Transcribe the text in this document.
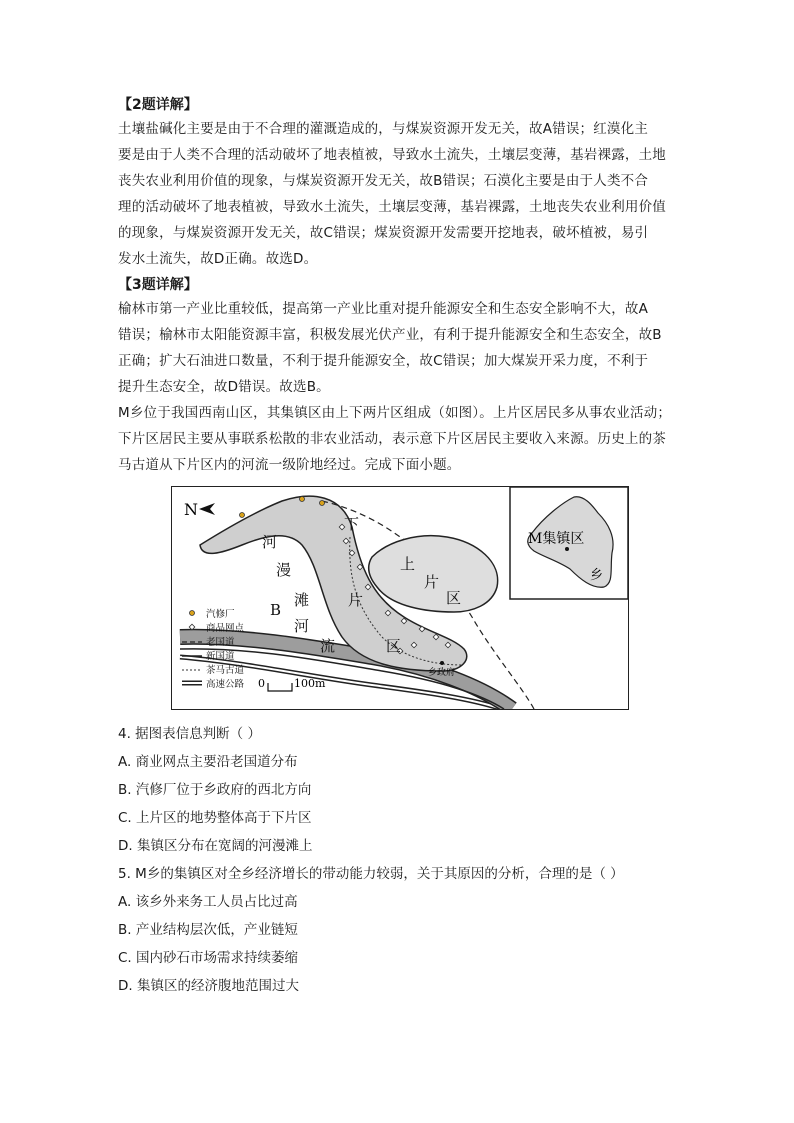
【2题详解】
土壤盐碱化主要是由于不合理的灌溉造成的，与煤炭资源开发无关，故A错误；红漠化主
要是由于人类不合理的活动破坏了地表植被，导致水土流失，土壤层变薄，基岩裸露，土地
丧失农业利用价值的现象，与煤炭资源开发无关，故B错误；石漠化主要是由于人类不合
理的活动破坏了地表植被，导致水土流失，土壤层变薄，基岩裸露，土地丧失农业利用价值
的现象，与煤炭资源开发无关，故C错误；煤炭资源开发需要开挖地表，破坏植被，易引
发水土流失，故D正确。故选D。
【3题详解】
榆林市第一产业比重较低，提高第一产业比重对提升能源安全和生态安全影响不大，故A
错误；榆林市太阳能资源丰富，积极发展光伏产业，有利于提升能源安全和生态安全，故B
正确；扩大石油进口数量，不利于提升能源安全，故C错误；加大煤炭开采力度，不利于
提升生态安全，故D错误。故选B。
M乡位于我国西南山区，其集镇区由上下两片区组成（如图）。上片区居民多从事农业活动；
下片区居民主要从事联系松散的非农业活动，表示意下片区居民主要收入来源。历史上的茶
马古道从下片区内的河流一级阶地经过。完成下面小题。
N
河
漫
滩
下
片
区
上
片
区
B
河
流
乡政府
汽修厂
商品网点
老国道
新国道
茶马古道
高速公路 0	100m
M集镇区
乡
4. 据图表信息判断（ ）
A. 商业网点主要沿老国道分布
B. 汽修厂位于乡政府的西北方向
C. 上片区的地势整体高于下片区
D. 集镇区分布在宽阔的河漫滩上
5. M乡的集镇区对全乡经济增长的带动能力较弱，关于其原因的分析，合理的是（ ）
A. 该乡外来务工人员占比过高
B. 产业结构层次低，产业链短
C. 国内砂石市场需求持续萎缩
D. 集镇区的经济腹地范围过大
